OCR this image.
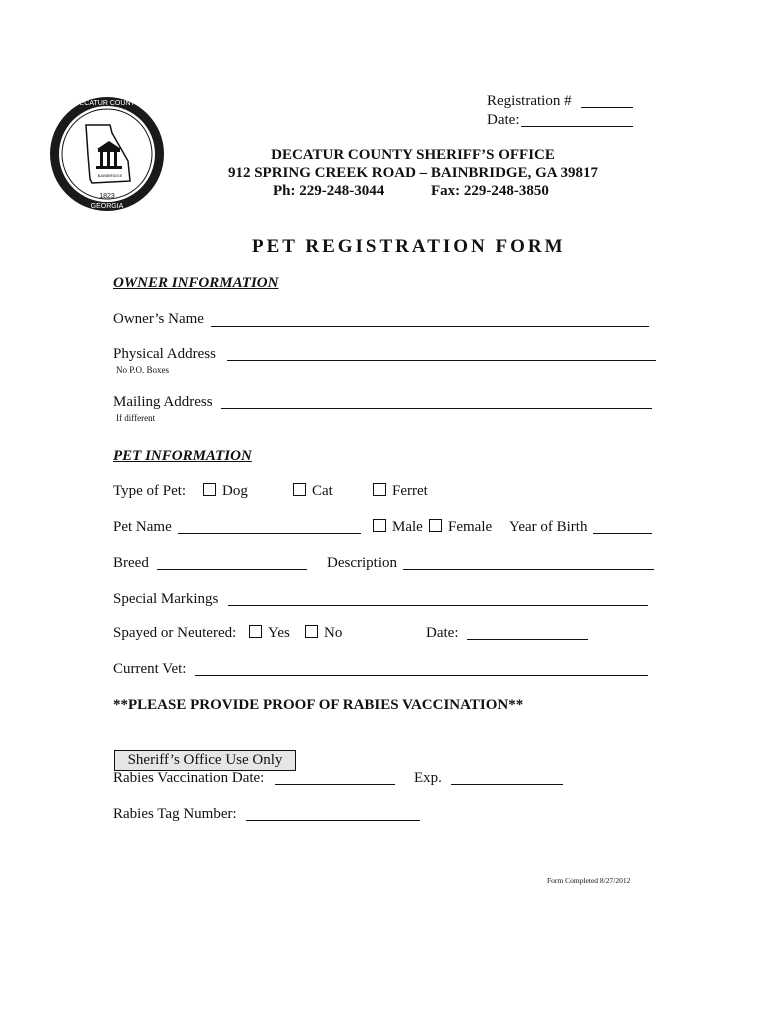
BAINBRIDGE
DECATUR COUNTY
GEORGIA
1823
Registration #
Date:
DECATUR COUNTY SHERIFF’S OFFICE
912 SPRING CREEK ROAD – BAINBRIDGE, GA 39817
Ph: 229-248-3044	Fax: 229-248-3850
PET REGISTRATION FORM
OWNER INFORMATION
Owner’s Name
Physical Address
No P.O. Boxes
Mailing Address
If different
PET INFORMATION
Type of Pet:	Dog	Cat	Ferret
Pet Name	Male	Female Year of Birth
Breed	Description
Special Markings
Spayed or Neutered:	Yes	No	Date:
Current Vet:
**PLEASE PROVIDE PROOF OF RABIES VACCINATION**
Sheriff’s Office Use Only
Rabies Vaccination Date:	Exp.
Rabies Tag Number:
Form Completed 8/27/2012
